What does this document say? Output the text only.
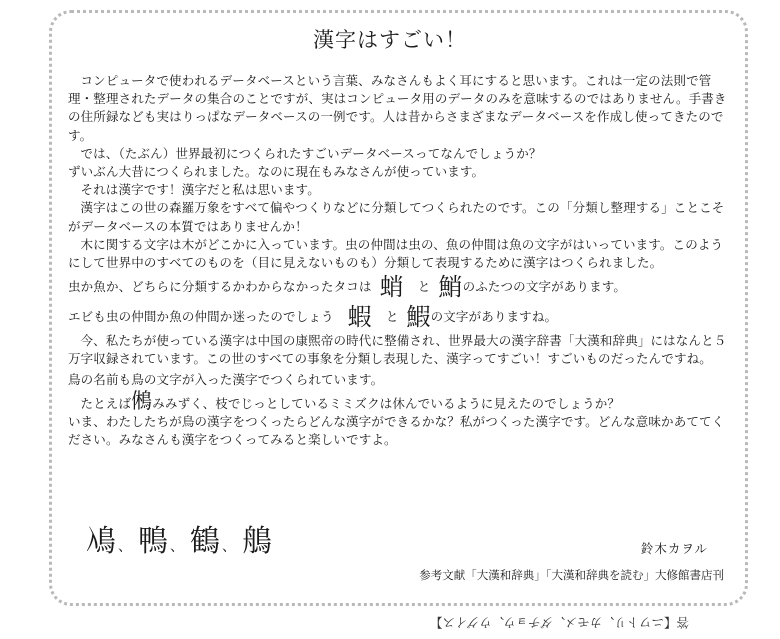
漢字はすごい！

コンピュータで使われるデータベースという言葉、みなさんもよく耳にすると思います。これは一定の法則で管理・整理されたデータの集合のことですが、実はコンピュータ用のデータのみを意味するのではありません。手書きの住所録なども実はりっぱなデータベースの一例です。人は昔からさまざまなデータベースを作成し使ってきたのです。

では、（たぶん）世界最初につくられたすごいデータベースってなんでしょうか？

ずいぶん大昔につくられました。なのに現在もみなさんが使っています。

それは漢字です！漢字だと私は思います。

漢字はこの世の森羅万象をすべて偏やつくりなどに分類してつくられたのです。この「分類し整理する」ことこそがデータベースの本質ではありませんか！

木に関する文字は木がどこかに入っています。虫の仲間は虫の、魚の仲間は魚の文字がはいっています。このようにして世界中のすべてのものを（目に見えないものも）分類して表現するために漢字はつくられました。

虫か魚か、どちらに分類するかわからなかったタコは 蛸 と 鮹 のふたつの文字があります。

エビも虫の仲間か魚の仲間か迷ったのでしょう 蝦 と 鰕 の文字がありますね。

今、私たちが使っている漢字は中国の康煕帝の時代に整備され、世界最大の漢字辞書「大漢和辞典」にはなんと５万字収録されています。この世のすべての事象を分類し表現した、漢字ってすごい！すごいものだったんですね。

鳥の名前も鳥の文字が入った漢字でつくられています。

たとえば鵂みみずく、枝でじっとしているミミズクは休んでいるように見えたのでしょうか？

いま、わたしたちが鳥の漢字をつくったらどんな漢字ができるかな？私がつくった漢字です。どんな意味かあててください。みなさんも漢字をつくってみると楽しいですよ。

鳰、 鴨、 鶴、 鵃	鈴木カヲル
参考文献「大漢和辞典」「大漢和辞典を読む」大修館書店刊
答【ニワトリ、カモメ、ダチョウ、ウグイス】
